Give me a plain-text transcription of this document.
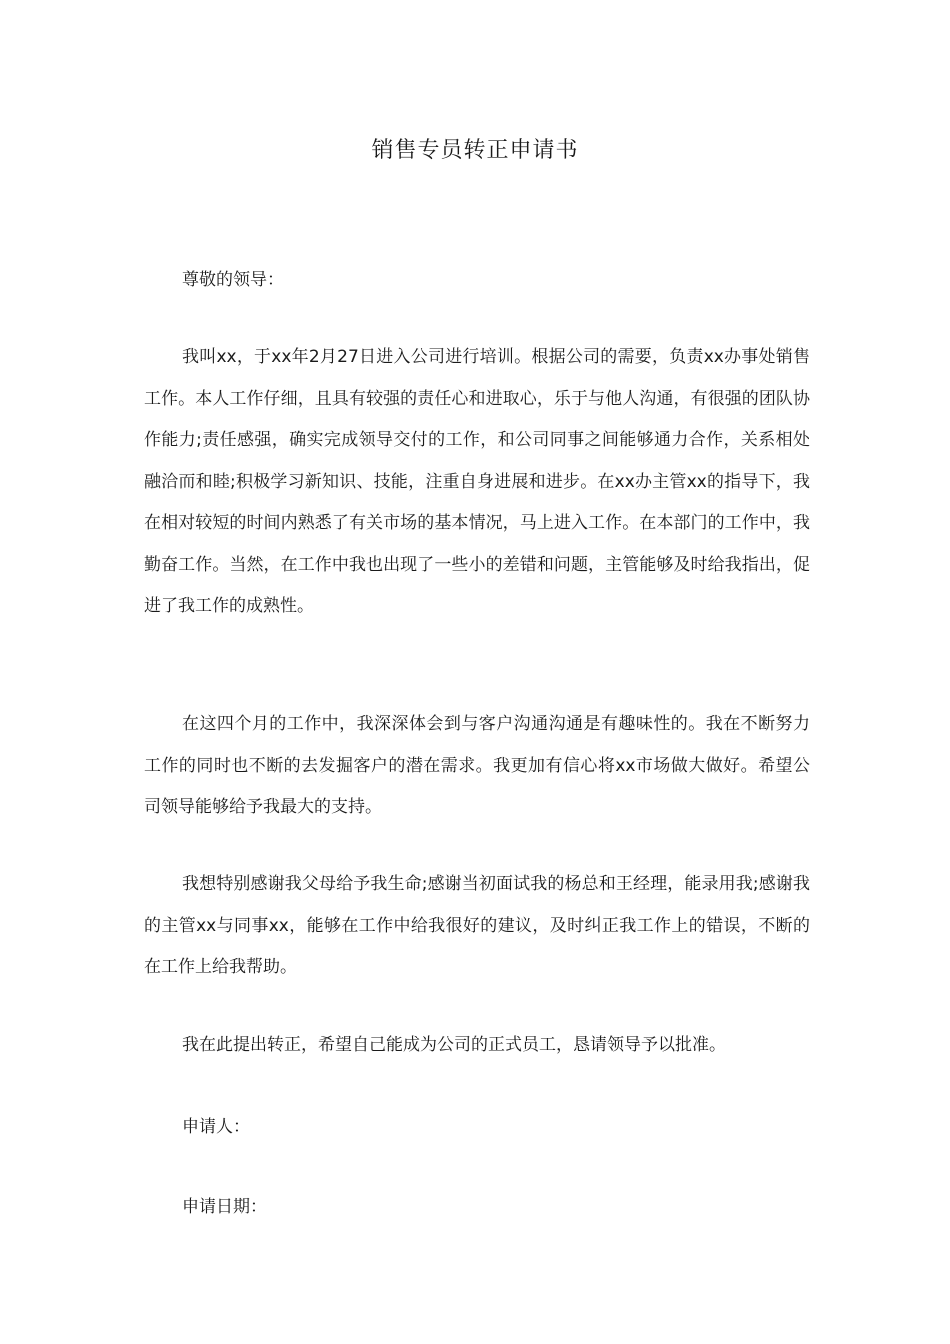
销售专员转正申请书
尊敬的领导：
我叫xx，于xx年2月27日进入公司进行培训。根据公司的需要，负责xx办事处销售工作。本人工作仔细，且具有较强的责任心和进取心，乐于与他人沟通，有很强的团队协作能力;责任感强，确实完成领导交付的工作，和公司同事之间能够通力合作，关系相处融洽而和睦;积极学习新知识、技能，注重自身进展和进步。在xx办主管xx的指导下，我在相对较短的时间内熟悉了有关市场的基本情况，马上进入工作。在本部门的工作中，我勤奋工作。当然，在工作中我也出现了一些小的差错和问题，主管能够及时给我指出，促进了我工作的成熟性。
在这四个月的工作中，我深深体会到与客户沟通沟通是有趣味性的。我在不断努力工作的同时也不断的去发掘客户的潜在需求。我更加有信心将xx市场做大做好。希望公司领导能够给予我最大的支持。
我想特别感谢我父母给予我生命;感谢当初面试我的杨总和王经理，能录用我;感谢我的主管xx与同事xx，能够在工作中给我很好的建议，及时纠正我工作上的错误，不断的在工作上给我帮助。
我在此提出转正，希望自己能成为公司的正式员工，恳请领导予以批准。
申请人：
申请日期：
